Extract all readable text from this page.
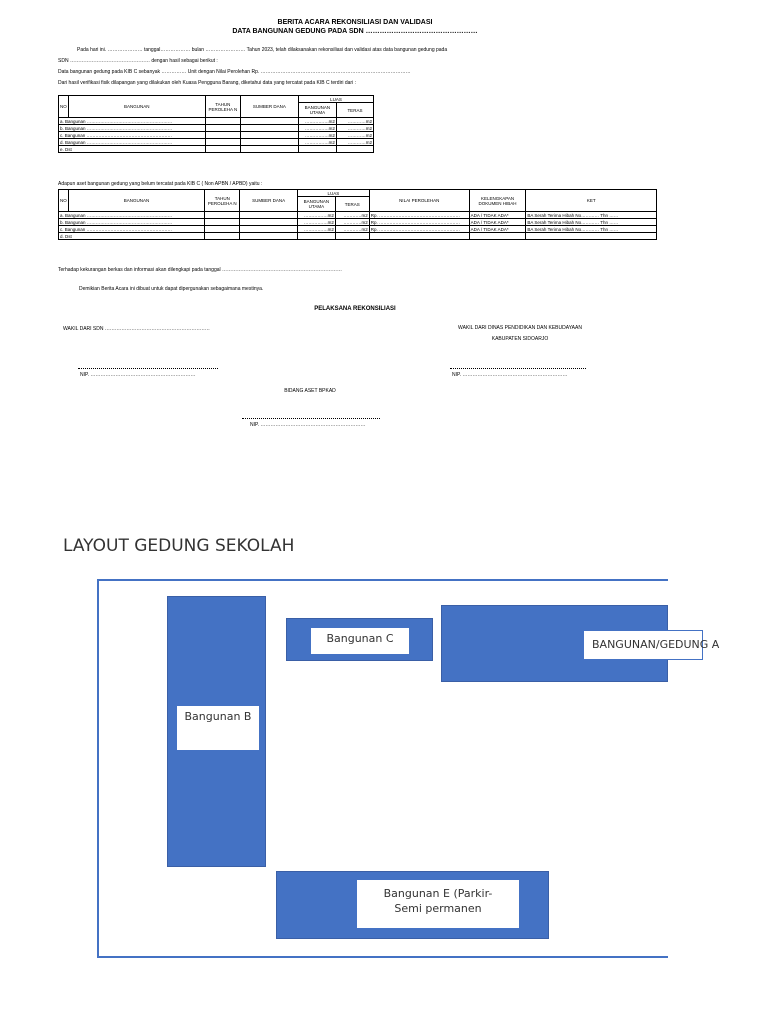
BERITA ACARA REKONSILIASI DAN VALIDASI
DATA BANGUNAN GEDUNG PADA SDN …………………………………………
Pada hari ini. ………………… tanggal……………… bulan …………………… Tahun 2023, telah dilaksanakan rekonsiliasi dan validasi atas data bangunan gedung pada
SDN ………………………………………… dengan hasil sebagai berikut :
Data bangunan gedung pada KIB C sebanyak …………… Unit dengan Nilai Perolehan Rp. ………………………………………………………………………………
Dari hasil verifikasi fisik dilapangan yang dilakukan oleh Kuasa Pengguna Barang, diketahui data yang tercatat pada KIB C terdiri dari :
NO	BANGUNAN	TAHUN PEROLEHA N	SUMBER DANA	LUAS	
				BANGUNAN UTAMA	TERAS
a. Bangunan …………………………………………………				…………….m2	…………m2
b. Bangunan …………………………………………………				…………….m2	…………m2
c. Bangunan …………………………………………………				…………….m2	…………m2
d. Bangunan …………………………………………………				…………….m2	…………m2
e. Dst					
Adapun aset bangunan gedung yang belum tercatat pada KIB C ( Non APBN / APBD) yaitu :
NO	BANGUNAN	TAHUN PEROLEHA N	SUMBER DANA	LUAS		NILAI PEROLEHAN	KELENGKAPAN DOKUMEN HIBAH	KET
				BANGUNAN UTAMA	TERAS			
a. Bangunan …………………………………………………				…………….m2	…………m2	Rp. ………………………………………………	ADA / TIDAK ADA*	BA Serah Terima Hibah No………… Thn ……
b. Bangunan …………………………………………………				…………….m2	…………m2	Rp. ………………………………………………	ADA / TIDAK ADA*	BA Serah Terima Hibah No………… Thn ……
c. Bangunan …………………………………………………				…………….m2	…………m2	Rp. ………………………………………………	ADA / TIDAK ADA*	BA Serah Terima Hibah No………… Thn ……
d. Dst								
Terhadap kekurangan berkas dan informasi akan dilengkapi pada tanggal ………………………………………………………………
Demikian Berita Acara ini dibuat untuk dapat dipergunakan sebagaimana mestinya.
PELAKSANA REKONSILIASI
WAKIL DARI SDN ………………………………………………………	WAKIL DARI DINAS PENDIDIKAN DAN KEBUDAYAAN
KABUPATEN SIDOARJO
NIP. ………………………………………………………	NIP. ………………………………………………………
BIDANG ASET BPKAD
NIP. ………………………………………………………
LAYOUT GEDUNG SEKOLAH
Bangunan B
Bangunan C	BANGUNAN/GEDUNG A
Bangunan E (Parkir-
Semi permanen
